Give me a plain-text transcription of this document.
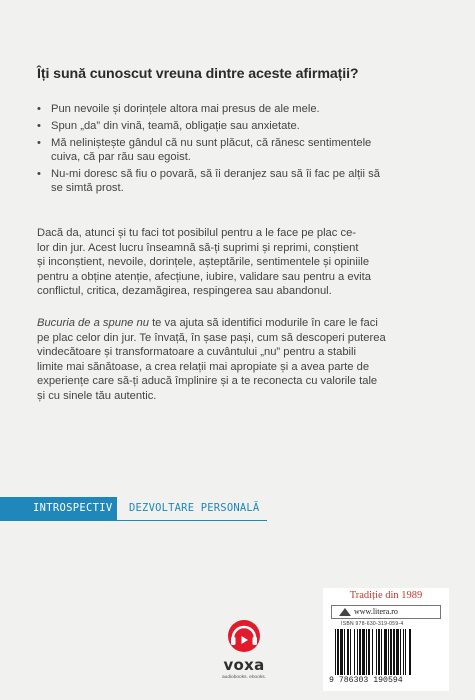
Îți sună cunoscut vreuna dintre aceste afirmații?
• Pun nevoile și dorințele altora mai presus de ale mele.
• Spun „da” din vină, teamă, obligație sau anxietate.
• Mă neliniștește gândul că nu sunt plăcut, că rănesc sentimentele
cuiva, că par rău sau egoist.
• Nu-mi doresc să fiu o povară, să îi deranjez sau să îi fac pe alții să
se simtă prost.

Dacă da, atunci și tu faci tot posibilul pentru a le face pe plac ce-
lor din jur. Acest lucru înseamnă să-ți suprimi și reprimi, conștient
și inconștient, nevoile, dorințele, așteptările, sentimentele și opiniile
pentru a obține atenție, afecțiune, iubire, validare sau pentru a evita
conflictul, critica, dezamăgirea, respingerea sau abandonul.

Bucuria de a spune nu te va ajuta să identifici modurile în care le faci
pe plac celor din jur. Te învață, în șase pași, cum să descoperi puterea
vindecătoare și transformatoare a cuvântului „nu” pentru a stabili
limite mai sănătoase, a crea relații mai apropiate și a avea parte de
experiențe care să-ți aducă împlinire și a te reconecta cu valorile tale
și cu sinele tău autentic.

INTROSPECTIV DEZVOLTARE PERSONALĂ
voxa
audiobooks. ebooks.
Tradiție din 1989
www.litera.ro
ISBN 978-630-319-059-4
9 786303 190594
